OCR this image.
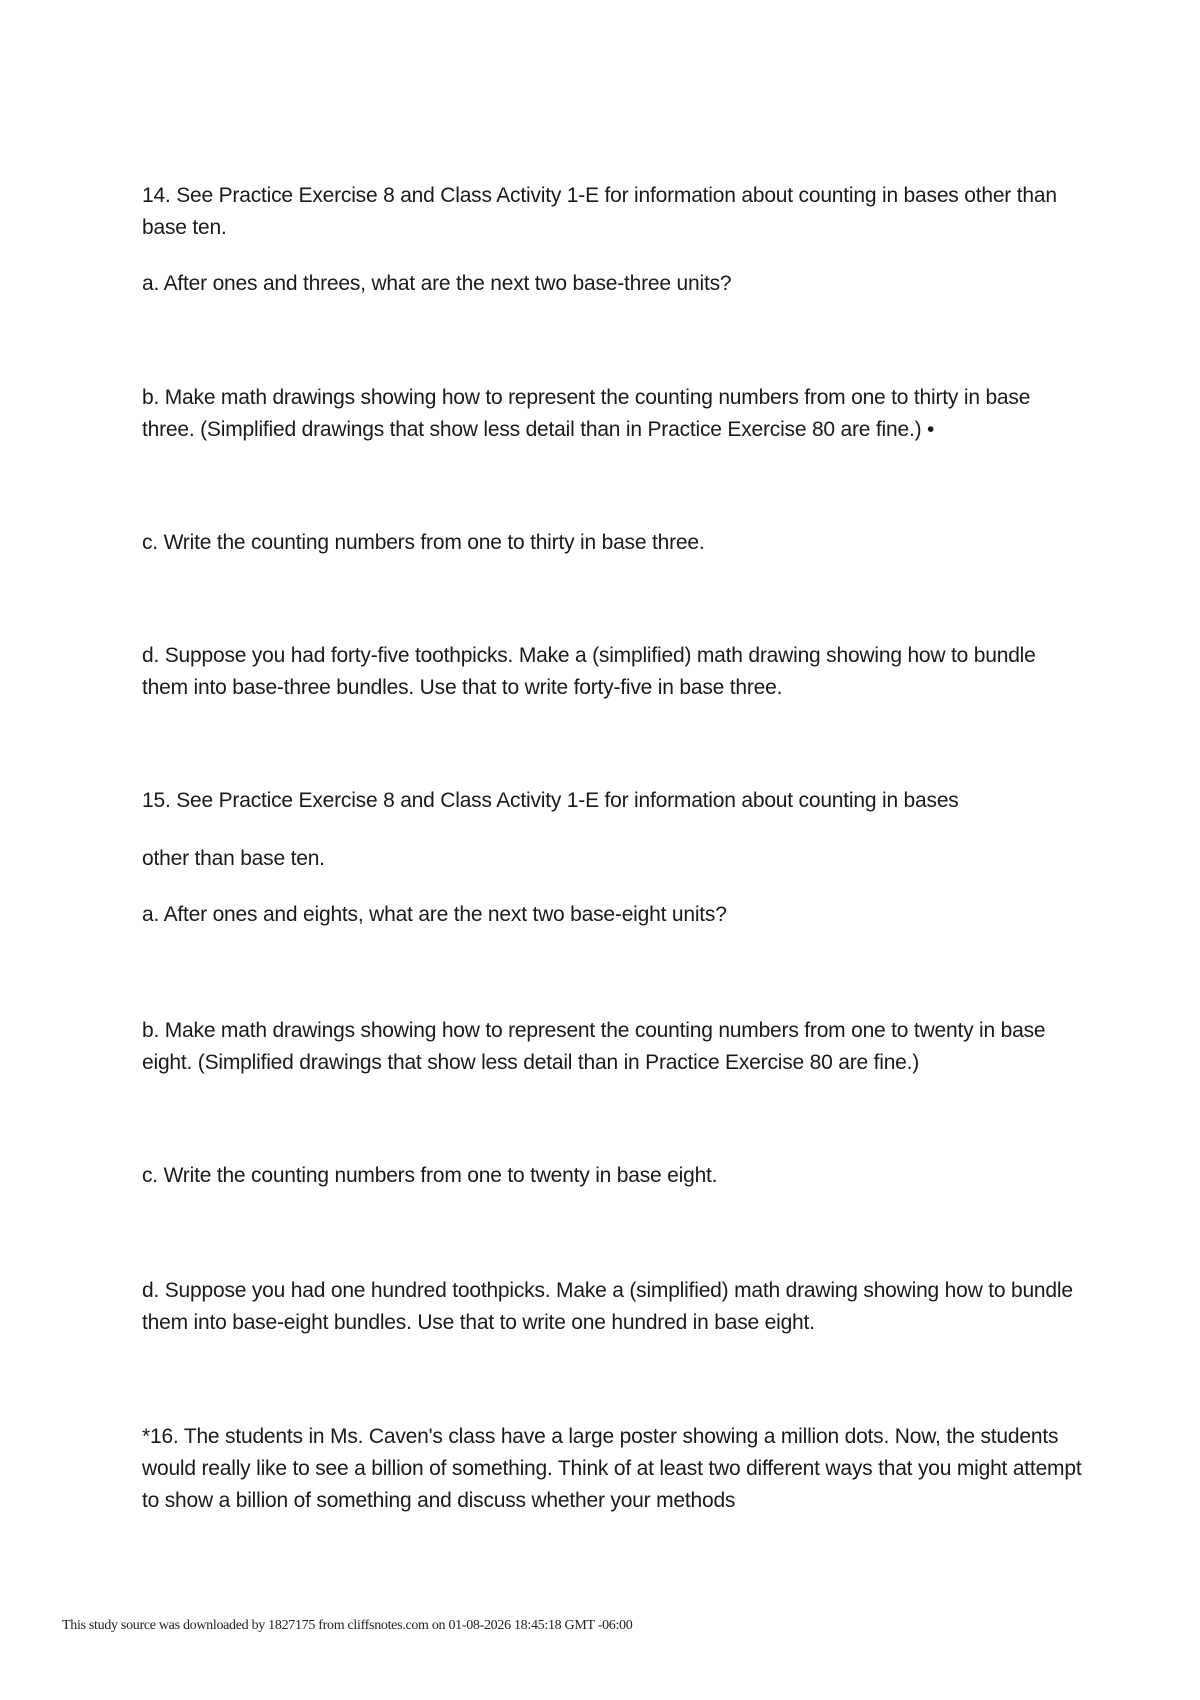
14. See Practice Exercise 8 and Class Activity 1-E for information about counting in bases other than base ten.

a. After ones and threes, what are the next two base-three units?

b. Make math drawings showing how to represent the counting numbers from one to thirty in base three. (Simplified drawings that show less detail than in Practice Exercise 80 are fine.) •

c. Write the counting numbers from one to thirty in base three.

d. Suppose you had forty-five toothpicks. Make a (simplified) math drawing showing how to bundle them into base-three bundles. Use that to write forty-five in base three.

15. See Practice Exercise 8 and Class Activity 1-E for information about counting in bases

other than base ten.

a. After ones and eights, what are the next two base-eight units?

b. Make math drawings showing how to represent the counting numbers from one to twenty in base eight. (Simplified drawings that show less detail than in Practice Exercise 80 are fine.)

c. Write the counting numbers from one to twenty in base eight.

d. Suppose you had one hundred toothpicks. Make a (simplified) math drawing showing how to bundle them into base-eight bundles. Use that to write one hundred in base eight.

*16. The students in Ms. Caven's class have a large poster showing a million dots. Now, the students would really like to see a billion of something. Think of at least two different ways that you might attempt to show a billion of something and discuss whether your methods

This study source was downloaded by 1827175 from cliffsnotes.com on 01-08-2026 18:45:18 GMT -06:00
